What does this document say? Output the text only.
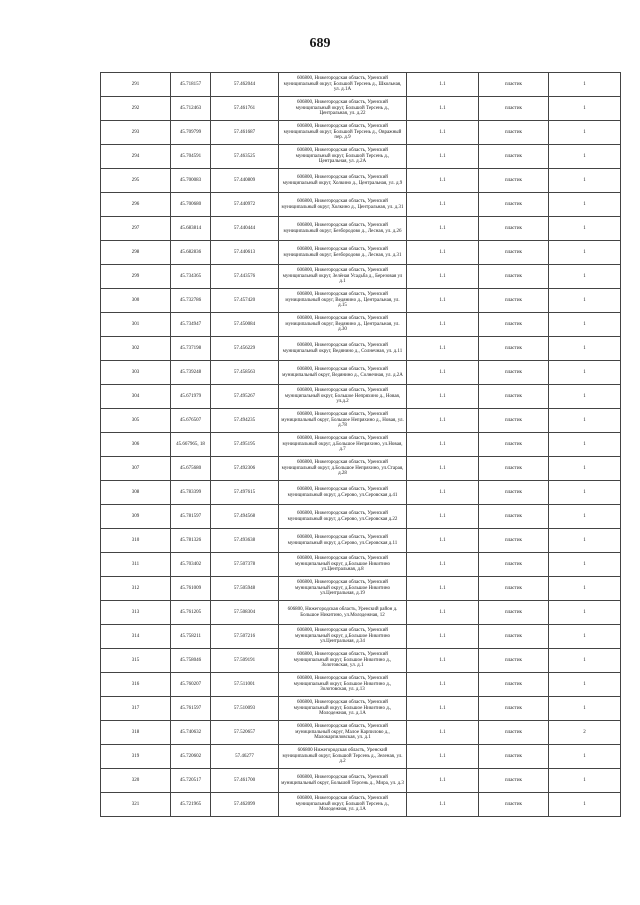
689
291	45.718157	57.462044	606800, Нижегородская область, Уренский муниципальный округ, Большой Терсень д., Школьная, ул. д.1А	1.1	пластик	1
292	45.712463	57.461761	606800, Нижегородская область, Уренский муниципальный округ, Большой Терсень д., Центральная, ул. д.22	1.1	пластик	1
293	45.709799	57.461687	606800, Нижегородская область, Уренский муниципальный округ, Большой Терсень д., Овражный пер. д.9	1.1	пластик	1
294	45.704591	57.463525	606800, Нижегородская область, Уренский муниципальный округ, Большой Терсень д., Центральная, ул. д.2А	1.1	пластик	1
295	45.700083	57.440809	606800, Нижегородская область, Уренский муниципальный округ, Холкино д., Центральная, ул. д.9	1.1	пластик	1
296	45.700680	57.440972	606800, Нижегородская область, Уренский муниципальный округ, Холкино д., Центральная, ул. д.31	1.1	пластик	1
297	45.683814	57.440444	606800, Нижегородская область, Уренский муниципальный округ, Безбородово д., Лесная, ул. д.26	1.1	пластик	1
298	45.682836	57.440613	606800, Нижегородская область, Уренский муниципальный округ, Безбородово д., Лесная, ул. д.31	1.1	пластик	1
299	45.734365	57.443576	606800, Нижегородская область, Уренский муниципальный округ, Зелёная Усадьба д., Березовая ул д.1	1.1	пластик	1
300	45.732786	57.457420	606800, Нижегородская область, Уренский муниципальный округ, Ведянино д., Центральная, ул. д.15	1.1	пластик	1
301	45.734947	57.450084	606800, Нижегородская область, Уренский муниципальный округ, Ведянино д., Центральная, ул. д.30	1.1	пластик	1
302	45.737198	57.456229	606800, Нижегородская область, Уренский муниципальный округ, Ведянино д., Солнечная, ул. д.11	1.1	пластик	1
303	45.739248	57.458563	606800, Нижегородская область, Уренский муниципальный округ, Ведянино д., Солнечная, ул. д.2А	1.1	пластик	1
304	45.671979	57.495267	606800, Нижегородская область, Уренский муниципальный округ, Большое Непряхино д., Новая, ул.д.2	1.1	пластик	1
305	45.676507	57.494235	606800, Нижегородская область, Уренский муниципальный округ, Большое Непряхино д., Новая, ул. д.78	1.1	пластик	1
306	45.667965, 18	57.495195	606800, Нижегородская область, Уренский муниципальный округ, д.Большое Непряхино, ул.Новая, д.7	1.1	пластик	1
307	45.675680	57.492306	606800, Нижегородская область, Уренский муниципальный округ, д.Большое Непряхино, ул.Старая, д.28	1.1	пластик	1
308	45.783399	57.497615	606800, Нижегородская область, Уренский муниципальный округ, д.Серово, ул.Серовская д.41	1.1	пластик	1
309	45.781597	57.494568	606800, Нижегородская область, Уренский муниципальный округ, д.Серово, ул.Серовская д.22	1.1	пластик	1
310	45.781326	57.493638	606800, Нижегородская область, Уренский муниципальный округ, д.Серово, ул.Серовская д.11	1.1	пластик	1
311	45.703402	57.507378	606800, Нижегородская область, Уренский муниципальный округ, д.Большое Никитино ул.Центральная, д.8	1.1	пластик	1
312	45.761009	57.505948	606800, Нижегородская область, Уренский муниципальный округ, д.Большое Никитино ул.Центральная, д.19	1.1	пластик	1
313	45.761205	57.508304	606800, Нижегородская область, Уренский район д. Большое Никитино, ул.Молодежная, 12	1.1	пластик	1
314	45.758211	57.507216	606800, Нижегородская область, Уренский муниципальный округ, д.Большое Никитино ул.Центральная, д.34	1.1	пластик	1
315	45.758046	57.509191	606800, Нижегородская область, Уренский муниципальный округ, Большое Никитино д., Золотовская, ул. д.1	1.1	пластик	1
316	45.760207	57.511001	606800, Нижегородская область, Уренский муниципальный округ, Большое Никитино д., Золотовская, ул. д.13	1.1	пластик	1
317	45.761597	57.510093	606800, Нижегородская область, Уренский муниципальный округ, Большое Никитино д., Молодежная, ул. д.1А	1.1	пластик	1
318	45.740632	57.520657	606800, Нижегородская область, Уренский муниципальный округ, Малое Карпилово д., Малокарпиловская, ул. д.1	1.1	пластик	2
319	45.720602	57.46277	606800 Нижегородская область, Уренский муниципальный округ, Большой Терсень д., Зеленая, ул. д.2	1.1	пластик	1
320	45.720517	57.461700	606800, Нижегородская область, Уренский муниципальный округ, Большой Терсень д., Мира, ул. д.3	1.1	пластик	1
321	45.721965	57.462099	606800, Нижегородская область, Уренский муниципальный округ, Большой Терсень д., Молодежная, ул. д.1А	1.1	пластик	1
